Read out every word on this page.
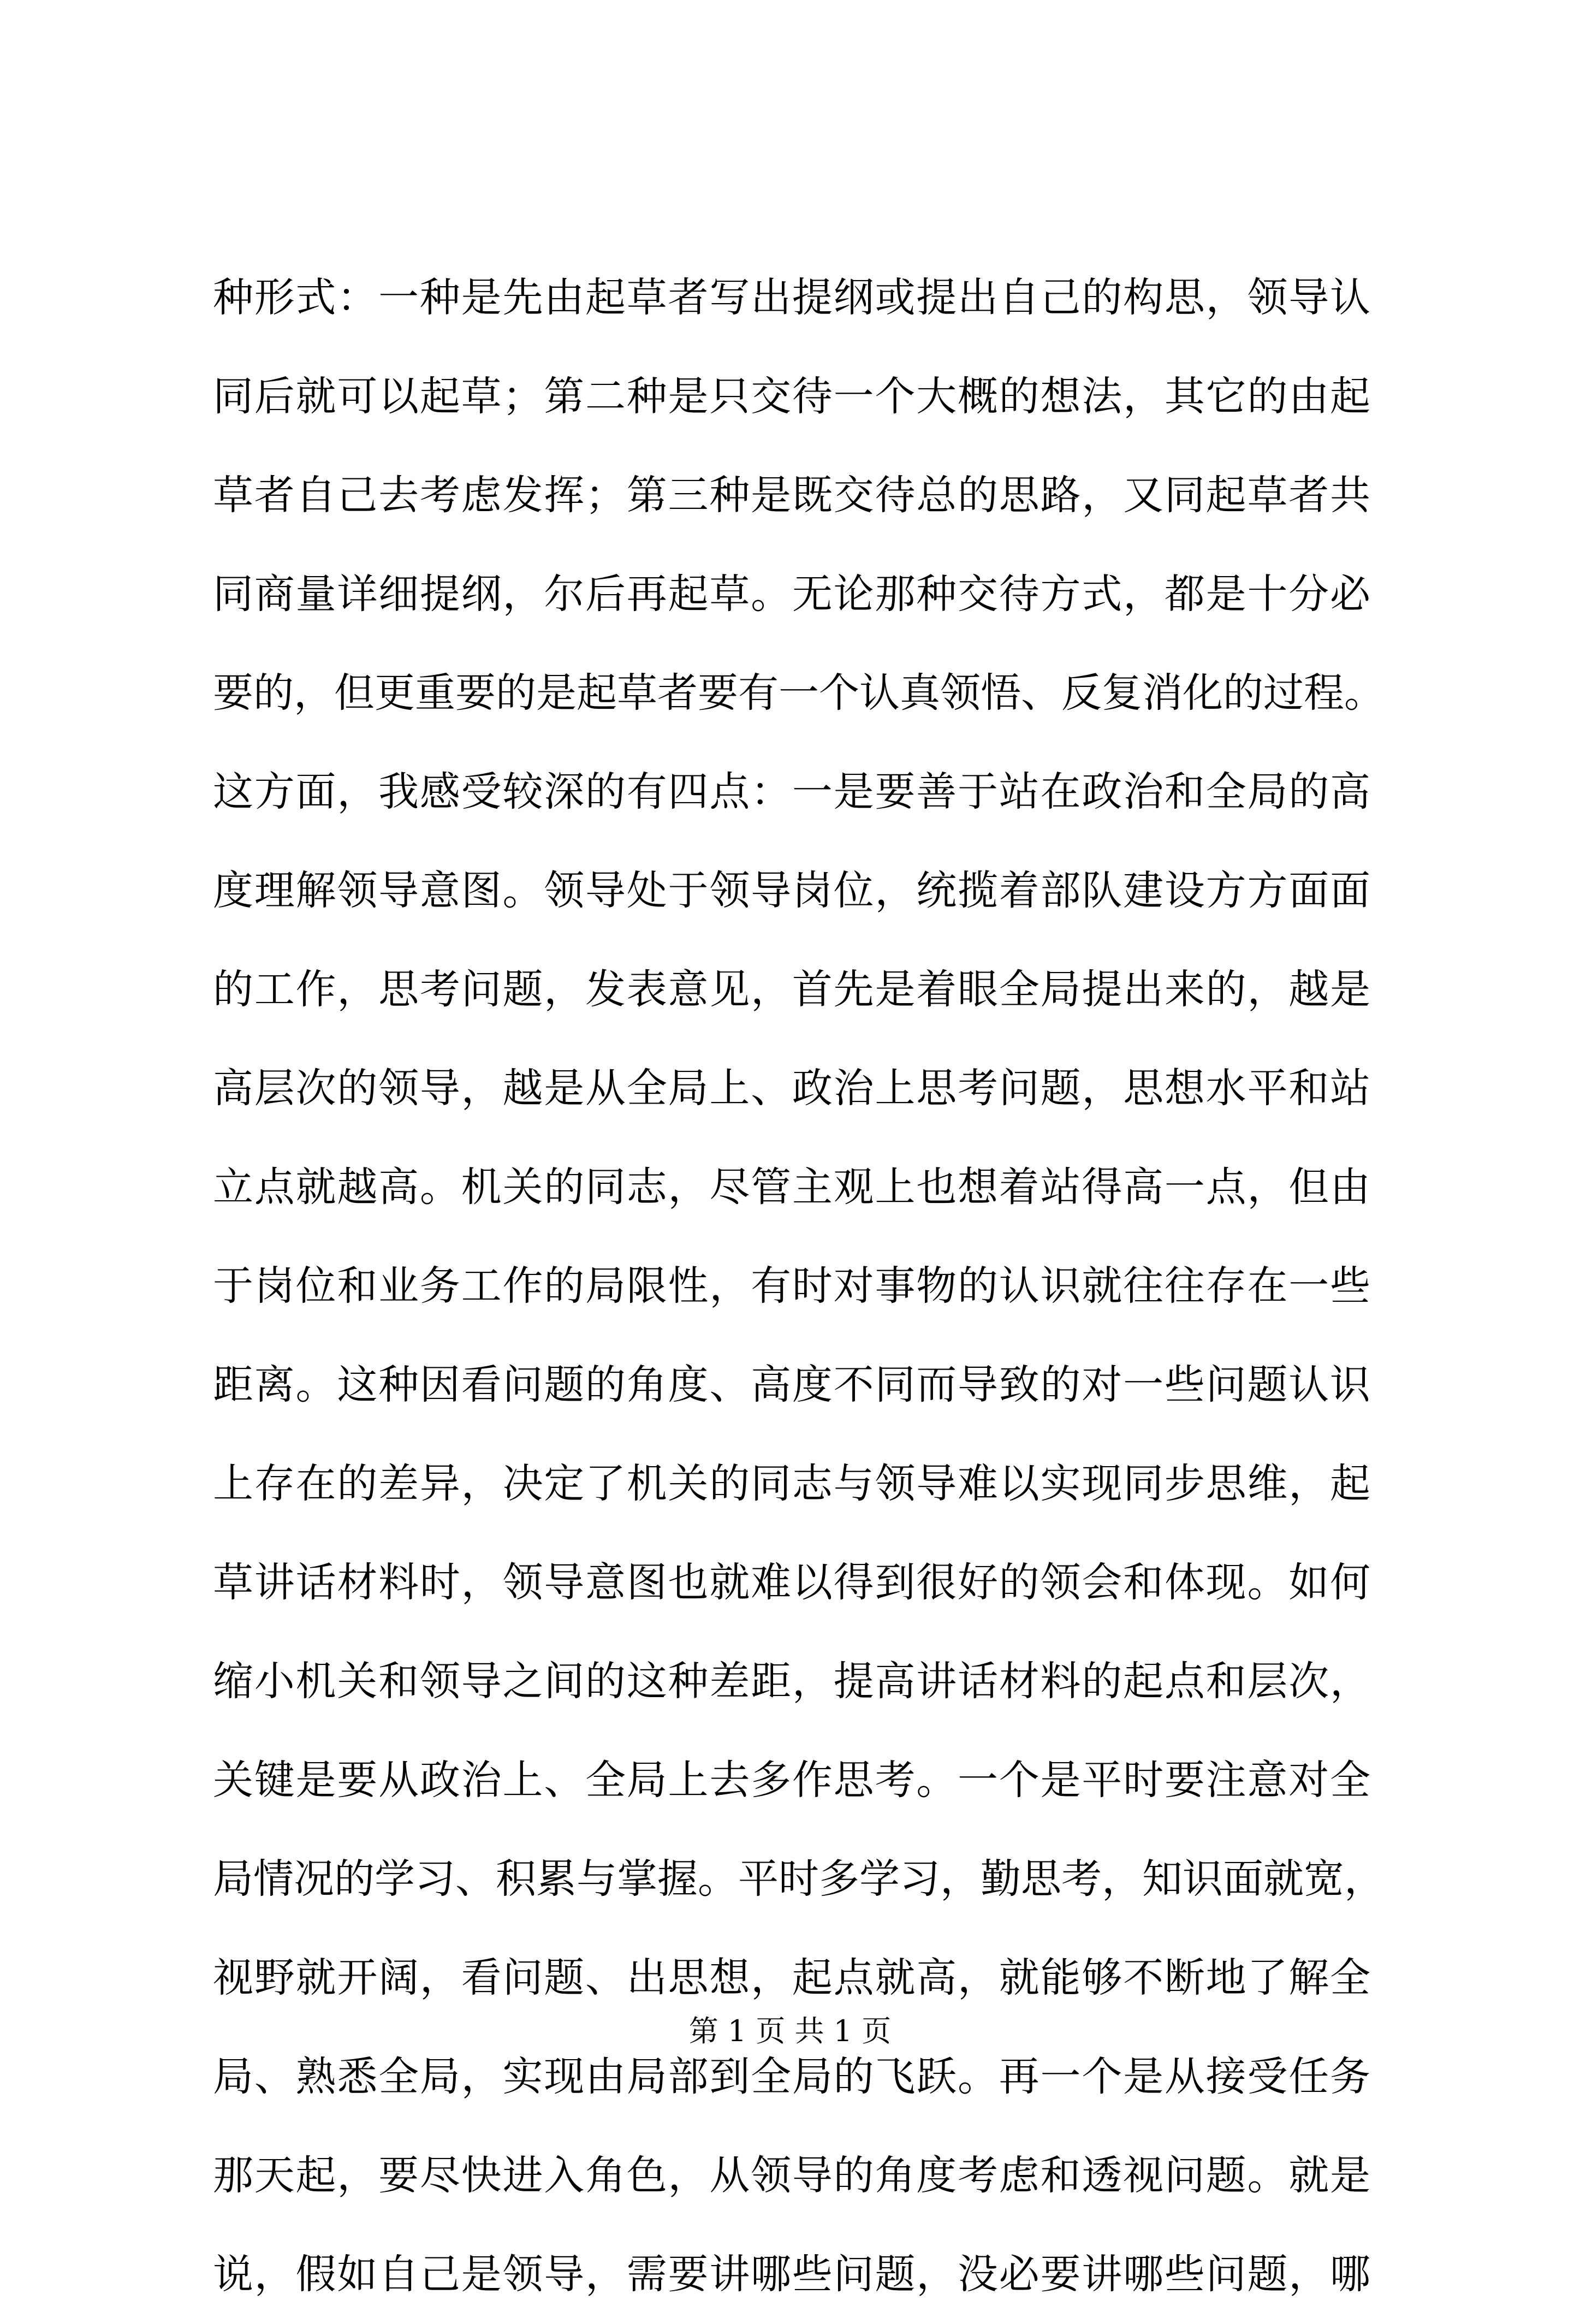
种形式：一种是先由起草者写出提纲或提出自己的构思，领导认
同后就可以起草；第二种是只交待一个大概的想法，其它的由起
草者自己去考虑发挥；第三种是既交待总的思路，又同起草者共
同商量详细提纲，尔后再起草。无论那种交待方式，都是十分必
要的，但更重要的是起草者要有一个认真领悟、反复消化的过程。
这方面，我感受较深的有四点：一是要善于站在政治和全局的高
度理解领导意图。领导处于领导岗位，统揽着部队建设方方面面
的工作，思考问题，发表意见，首先是着眼全局提出来的，越是
高层次的领导，越是从全局上、政治上思考问题，思想水平和站
立点就越高。机关的同志，尽管主观上也想着站得高一点，但由
于岗位和业务工作的局限性，有时对事物的认识就往往存在一些
距离。这种因看问题的角度、高度不同而导致的对一些问题认识
上存在的差异，决定了机关的同志与领导难以实现同步思维，起
草讲话材料时，领导意图也就难以得到很好的领会和体现。如何
缩小机关和领导之间的这种差距，提高讲话材料的起点和层次，
关键是要从政治上、全局上去多作思考。一个是平时要注意对全
局情况的学习、积累与掌握。平时多学习，勤思考，知识面就宽，
视野就开阔，看问题、出思想，起点就高，就能够不断地了解全
局、熟悉全局，实现由局部到全局的飞跃。再一个是从接受任务
那天起，要尽快进入角色，从领导的角度考虑和透视问题。就是
说，假如自己是领导，需要讲哪些问题，没必要讲哪些问题，哪
第 1 页 共 1 页
